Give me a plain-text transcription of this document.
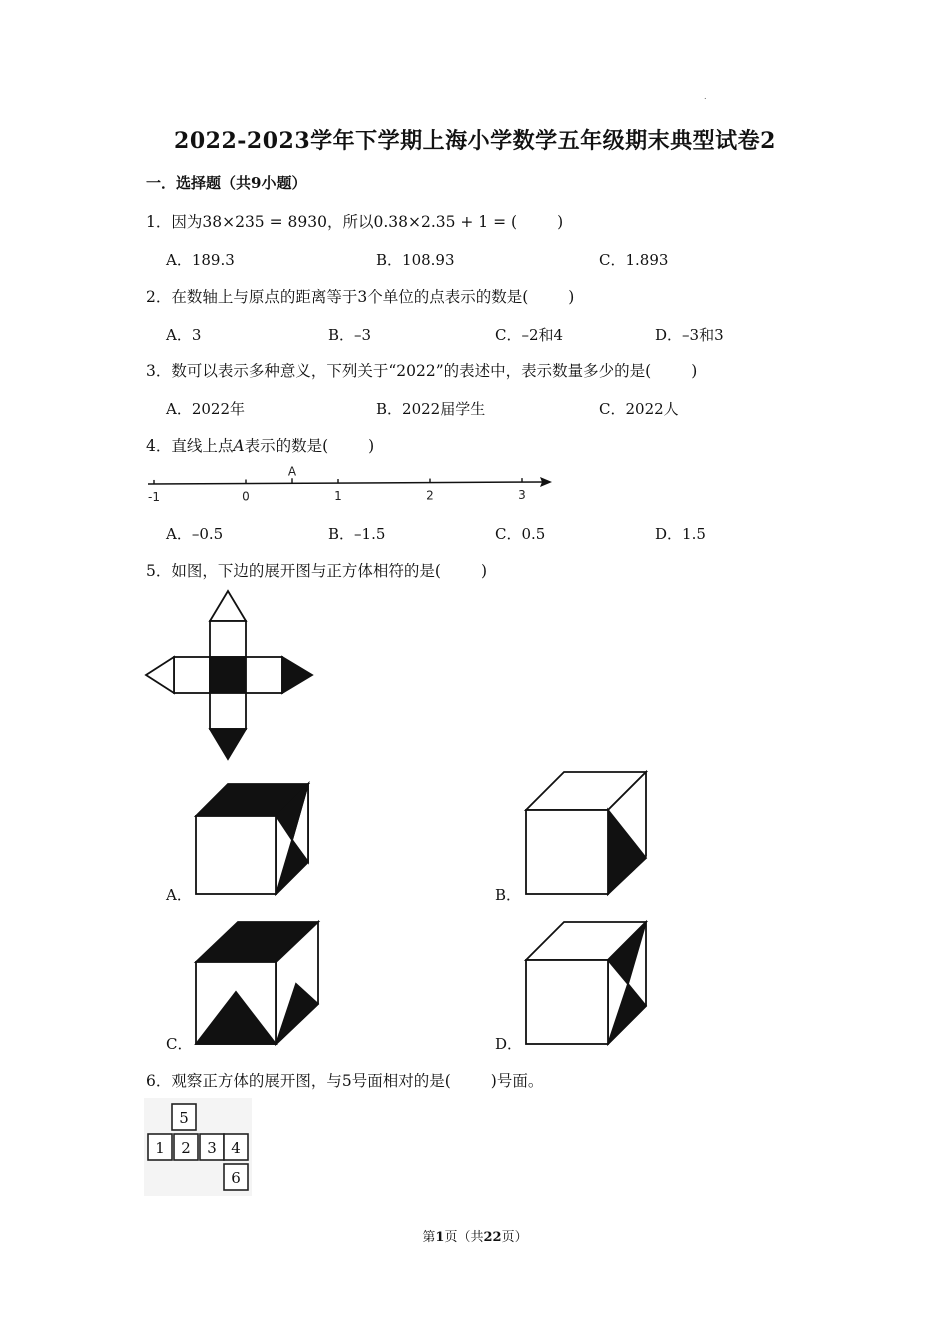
.
2022-2023学年下学期上海小学数学五年级期末典型试卷2
一．选择题（共9小题）
1．因为38×235 = 8930，所以0.38×2.35 + 1 = (	)
A．189.3	B．108.93	C．1.893
2．在数轴上与原点的距离等于3个单位的点表示的数是(	)
A．3	B．–3	C．–2和4	D．–3和3
3．数可以表示多种意义，下列关于“2022”的表述中，表示数量多少的是(	)
A．2022年	B．2022届学生	C．2022人
4．直线上点A表示的数是(	)
-1	0	1	2	3
A
A．–0.5	B．–1.5	C．0.5	D．1.5
5．如图，下边的展开图与正方体相符的是(	)
A．	B．
C．	D．
6．观察正方体的展开图，与5号面相对的是(	)号面。
5
1 2 3 4
6
第1页（共22页）
